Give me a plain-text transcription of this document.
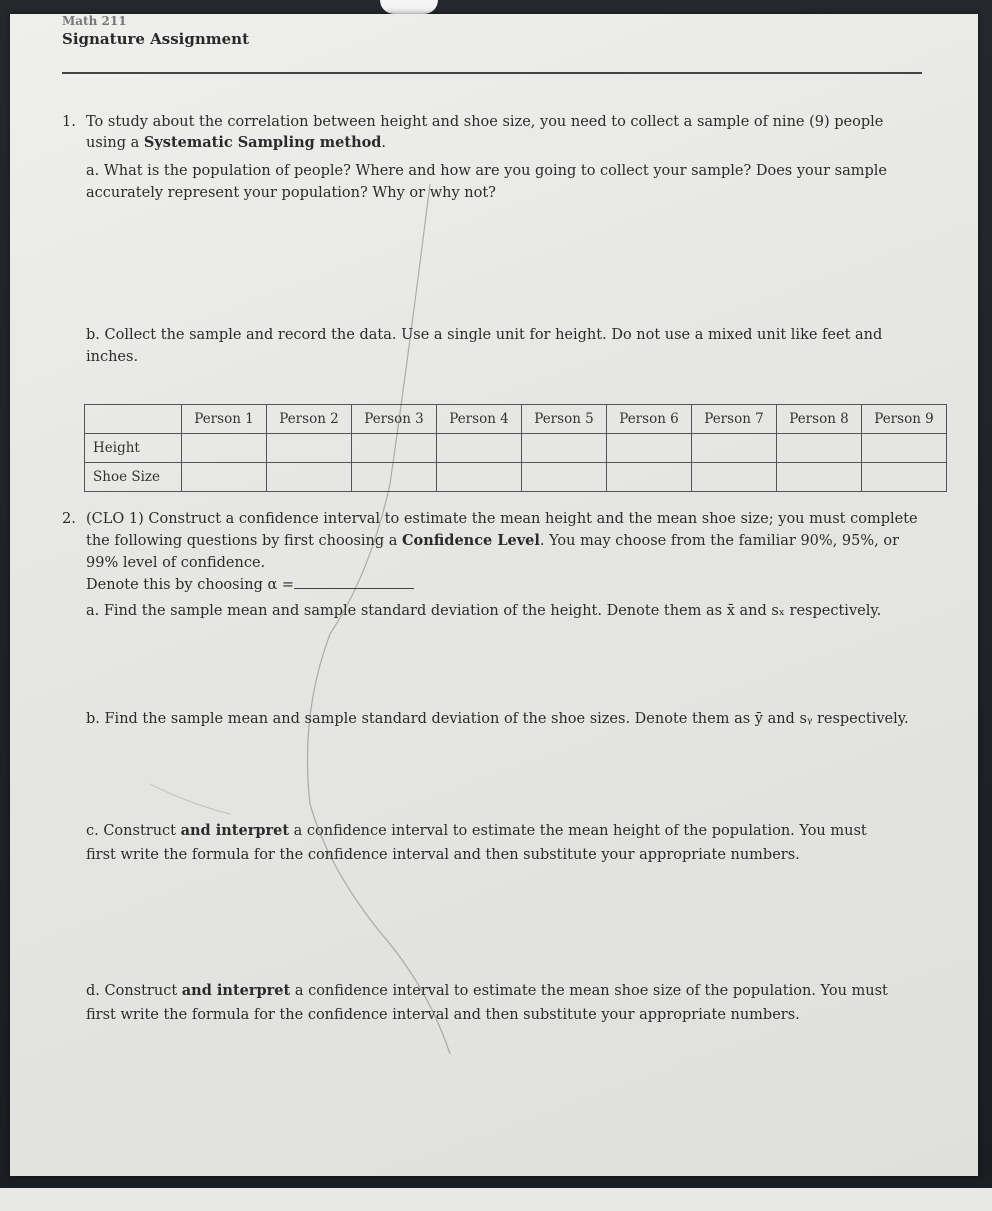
Math 211
Signature Assignment
1. To study about the correlation between height and shoe size, you need to collect a sample of nine (9) people
using a Systematic Sampling method.
a. What is the population of people? Where and how are you going to collect your sample? Does your sample
accurately represent your population? Why or why not?
b. Collect the sample and record the data. Use a single unit for height. Do not use a mixed unit like feet and
inches.
	Person 1	Person 2	Person 3	Person 4	Person 5	Person 6	Person 7	Person 8	Person 9
Height									
Shoe Size									
2. (CLO 1) Construct a confidence interval to estimate the mean height and the mean shoe size; you must complete
the following questions by first choosing a Confidence Level. You may choose from the familiar 90%, 95%, or
99% level of confidence.
Denote this by choosing α =
a. Find the sample mean and sample standard deviation of the height. Denote them as x̄ and sₓ respectively.
b. Find the sample mean and sample standard deviation of the shoe sizes. Denote them as ȳ and sᵧ respectively.
c. Construct and interpret a confidence interval to estimate the mean height of the population. You must
first write the formula for the confidence interval and then substitute your appropriate numbers.
d. Construct and interpret a confidence interval to estimate the mean shoe size of the population. You must
first write the formula for the confidence interval and then substitute your appropriate numbers.
